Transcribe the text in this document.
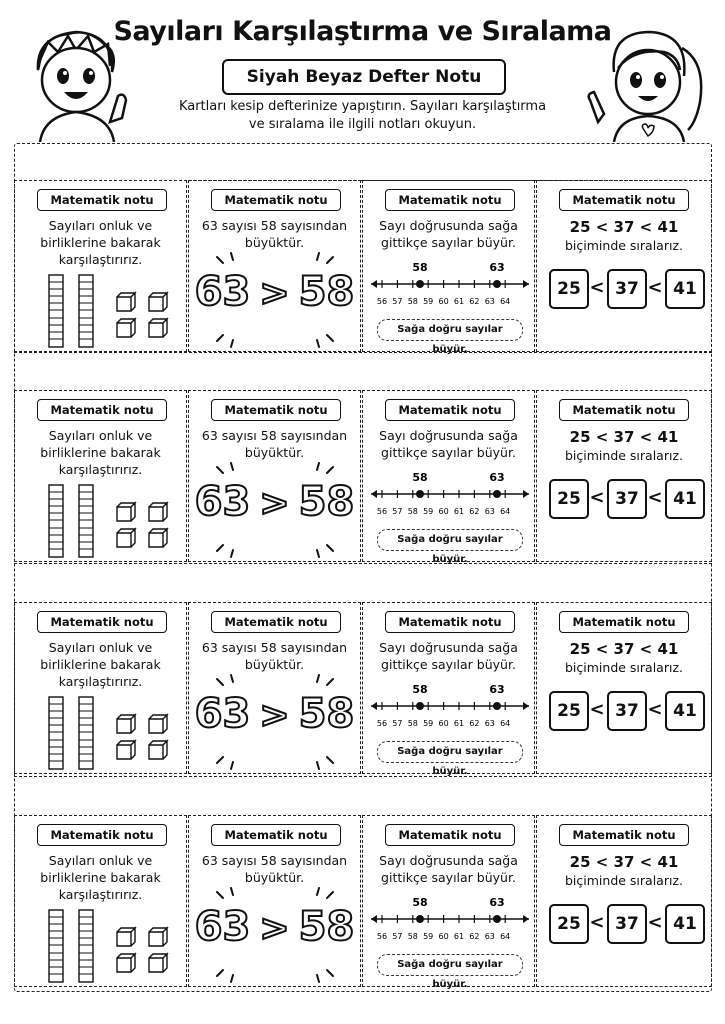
Sayıları Karşılaştırma ve Sıralama
Siyah Beyaz Defter Notu
Kartları kesip defterinize yapıştırın. Sayıları karşılaştırma
ve sıralama ile ilgili notları okuyun.
Matematik notu
Sayıları onluk ve
birliklerine bakarak
karşılaştırırız.
Matematik notu
63 sayısı 58 sayısından
büyüktür.
63 > 58
Matematik notu
Sayı doğrusunda sağa
gittikçe sayılar büyür.
58	63
56 57 58 59 60 61 62 63 64
Sağa doğru sayılar büyür.
Matematik notu
25 < 37 < 41
biçiminde sıralarız.
25 < 37 < 41
Matematik notu
Sayıları onluk ve
birliklerine bakarak
karşılaştırırız.
Matematik notu
63 sayısı 58 sayısından
büyüktür.
63 > 58
Matematik notu
Sayı doğrusunda sağa
gittikçe sayılar büyür.
58	63
56 57 58 59 60 61 62 63 64
Sağa doğru sayılar büyür.
Matematik notu
25 < 37 < 41
biçiminde sıralarız.
25 < 37 < 41
Matematik notu
Sayıları onluk ve
birliklerine bakarak
karşılaştırırız.
Matematik notu
63 sayısı 58 sayısından
büyüktür.
63 > 58
Matematik notu
Sayı doğrusunda sağa
gittikçe sayılar büyür.
58	63
56 57 58 59 60 61 62 63 64
Sağa doğru sayılar büyür.
Matematik notu
25 < 37 < 41
biçiminde sıralarız.
25 < 37 < 41
Matematik notu
Sayıları onluk ve
birliklerine bakarak
karşılaştırırız.
Matematik notu
63 sayısı 58 sayısından
büyüktür.
63 > 58
Matematik notu
Sayı doğrusunda sağa
gittikçe sayılar büyür.
58	63
56 57 58 59 60 61 62 63 64
Sağa doğru sayılar büyür.
Matematik notu
25 < 37 < 41
biçiminde sıralarız.
25 < 37 < 41
